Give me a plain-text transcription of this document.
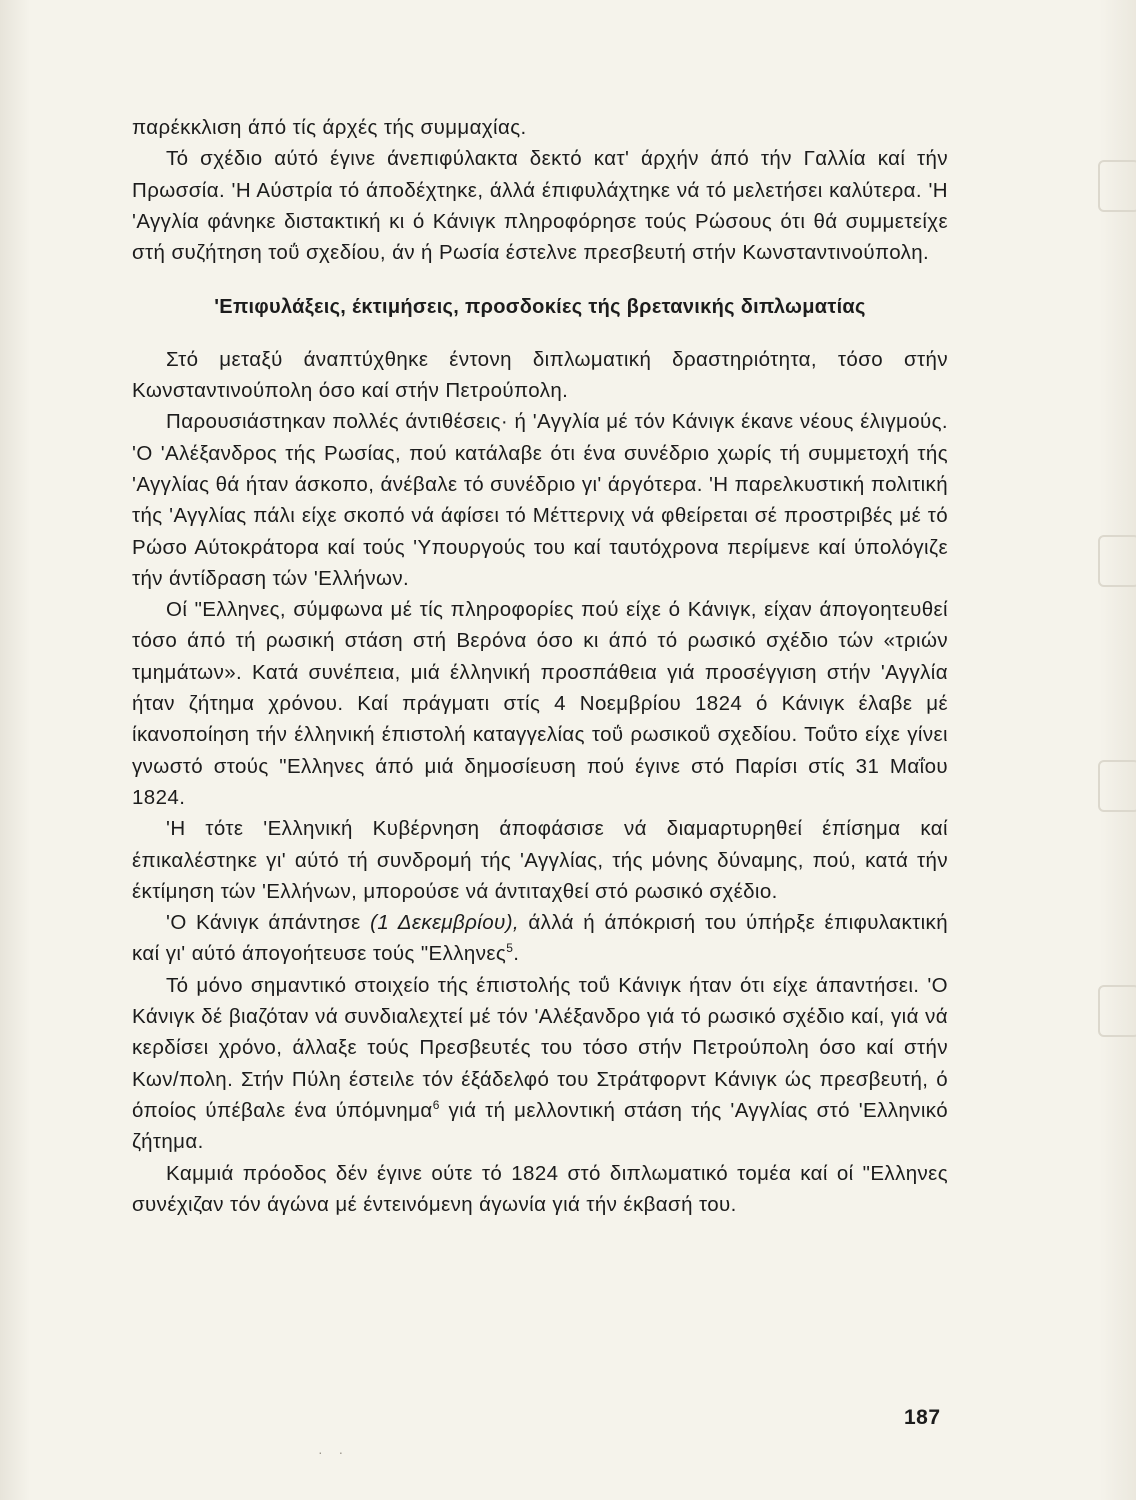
παρέκκλιση άπό τίς άρχές τής συμμαχίας.

Τό σχέδιο αύτό έγινε άνεπιφύλακτα δεκτό κατ' άρχήν άπό τήν Γαλλία καί τήν Πρωσσία. 'Η Αύστρία τό άποδέχτηκε, άλλά έπιφυλάχτηκε νά τό μελετήσει καλύτερα. 'Η 'Αγγλία φάνηκε διστακτική κι ό Κάνιγκ πληροφόρησε τούς Ρώσους ότι θά συμμετείχε στή συζήτηση τοΰ σχεδίου, άν ή Ρωσία έστελνε πρεσβευτή στήν Κωνσταντινούπολη.

'Επιφυλάξεις, έκτιμήσεις, προσδοκίες τής βρετανικής διπλωματίας

Στό μεταξύ άναπτύχθηκε έντονη διπλωματική δραστηριότητα, τόσο στήν Κωνσταντινούπολη όσο καί στήν Πετρούπολη.

Παρουσιάστηκαν πολλές άντιθέσεις· ή 'Αγγλία μέ τόν Κάνιγκ έκανε νέους έλιγμούς. 'Ο 'Αλέξανδρος τής Ρωσίας, πού κατάλαβε ότι ένα συνέδριο χωρίς τή συμμετοχή τής 'Αγγλίας θά ήταν άσκοπο, άνέβαλε τό συνέδριο γι' άργότερα. 'Η παρελκυστική πολιτική τής 'Αγγλίας πάλι είχε σκοπό νά άφίσει τό Μέττερνιχ νά φθείρεται σέ προστριβές μέ τό Ρώσο Αύτοκράτορα καί τούς 'Υπουργούς του καί ταυτόχρονα περίμενε καί ύπολόγιζε τήν άντίδραση τών 'Ελλήνων.

Οί "Ελληνες, σύμφωνα μέ τίς πληροφορίες πού είχε ό Κάνιγκ, είχαν άπογοητευθεί τόσο άπό τή ρωσική στάση στή Βερόνα όσο κι άπό τό ρωσικό σχέδιο τών «τριών τμημάτων». Κατά συνέπεια, μιά έλληνική προσπάθεια γιά προσέγγιση στήν 'Αγγλία ήταν ζήτημα χρόνου. Καί πράγματι στίς 4 Νοεμβρίου 1824 ό Κάνιγκ έλαβε μέ ίκανοποίηση τήν έλληνική έπιστολή καταγγελίας τοΰ ρωσικοΰ σχεδίου. Τοΰτο είχε γίνει γνωστό στούς "Ελληνες άπό μιά δημοσίευση πού έγινε στό Παρίσι στίς 31 Μαΐου 1824.

'Η τότε 'Ελληνική Κυβέρνηση άποφάσισε νά διαμαρτυρηθεί έπίσημα καί έπικαλέστηκε γι' αύτό τή συνδρομή τής 'Αγγλίας, τής μόνης δύναμης, πού, κατά τήν έκτίμηση τών 'Ελλήνων, μπορούσε νά άντιταχθεί στό ρωσικό σχέδιο.

'Ο Κάνιγκ άπάντησε (1 Δεκεμβρίου), άλλά ή άπόκρισή του ύπήρξε έπιφυλακτική καί γι' αύτό άπογοήτευσε τούς "Ελληνες$^5$.

Τό μόνο σημαντικό στοιχείο τής έπιστολής τοΰ Κάνιγκ ήταν ότι είχε άπαντήσει. 'Ο Κάνιγκ δέ βιαζόταν νά συνδιαλεχτεί μέ τόν 'Αλέξανδρο γιά τό ρωσικό σχέδιο καί, γιά νά κερδίσει χρόνο, άλλαξε τούς Πρεσβευτές του τόσο στήν Πετρούπολη όσο καί στήν Κων/πολη. Στήν Πύλη έστειλε τόν έξάδελφό του Στράτφορντ Κάνιγκ ώς πρεσβευτή, ό όποίος ύπέβαλε ένα ύπόμνημα$^6$ γιά τή μελλοντική στάση τής 'Αγγλίας στό 'Ελληνικό ζήτημα.

Καμμιά πρόοδος δέν έγινε ούτε τό 1824 στό διπλωματικό τομέα καί οί "Ελληνες συνέχιζαν τόν άγώνα μέ έντεινόμενη άγωνία γιά τήν έκβασή του.

187
· ·
